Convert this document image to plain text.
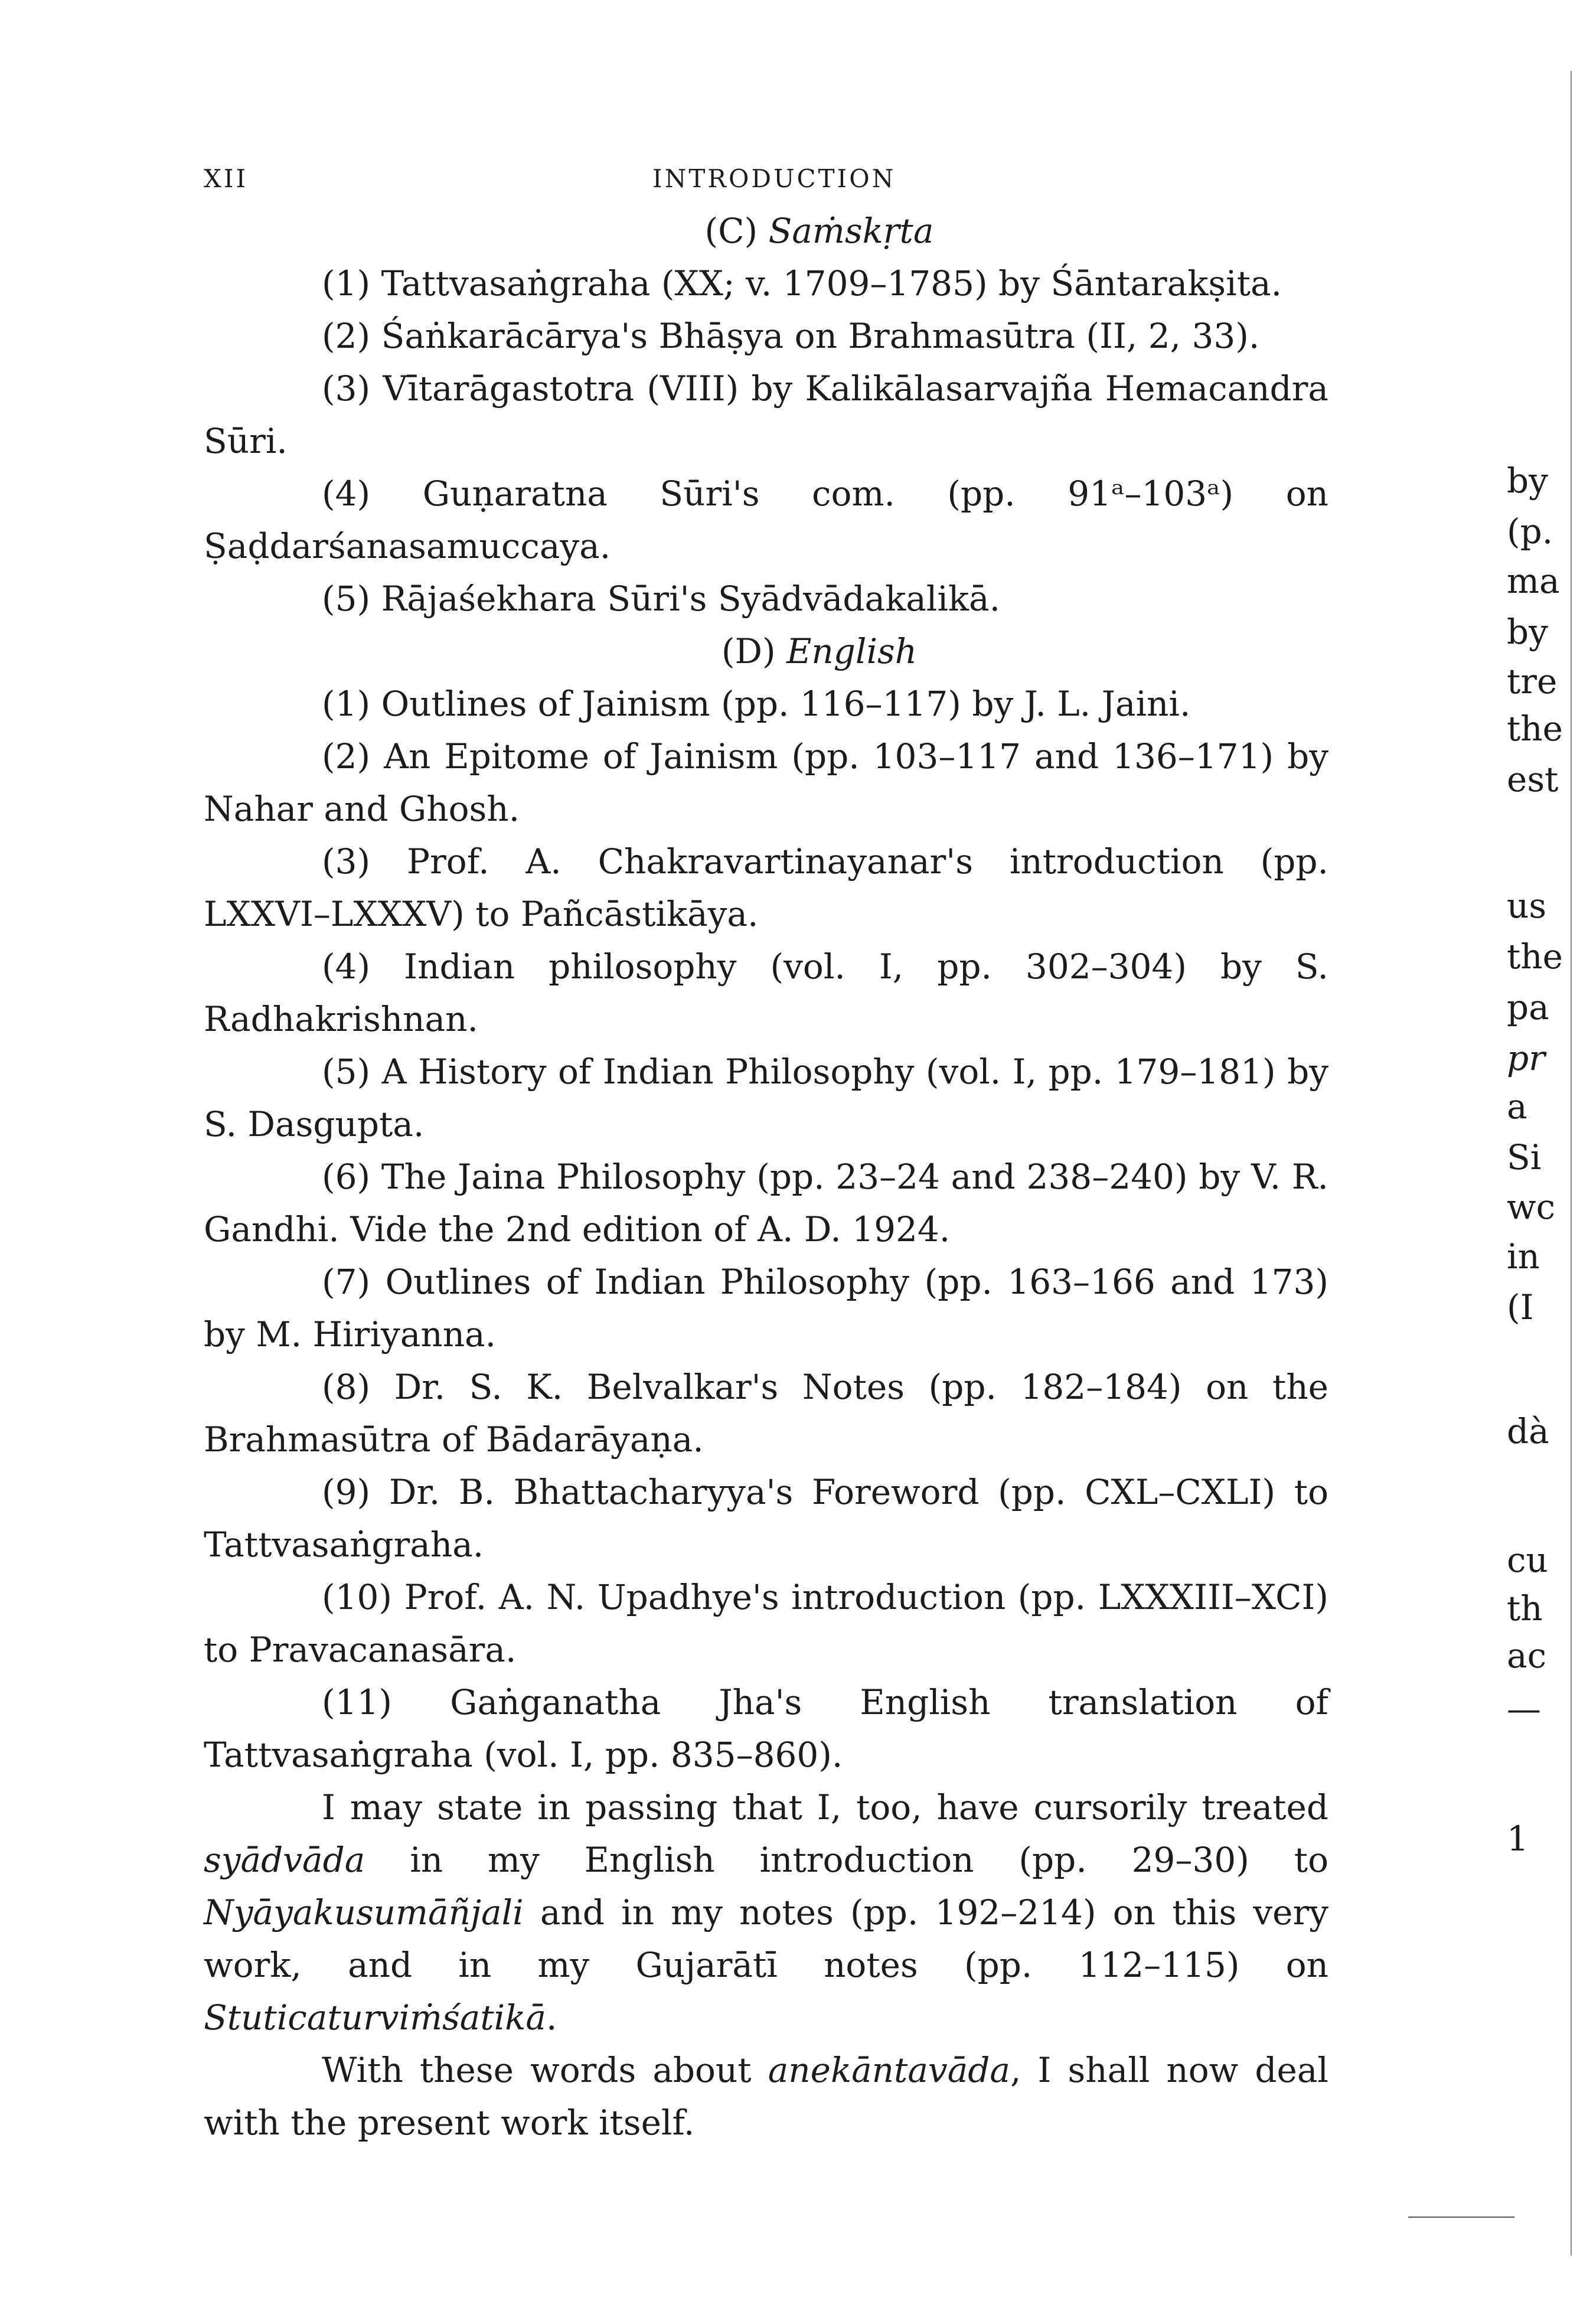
XII	INTRODUCTION

(C) Saṁskṛta

(1) Tattvasaṅgraha (XX; v. 1709–1785) by Śāntarakṣita.

(2) Śaṅkarācārya's Bhāṣya on Brahmasūtra (II, 2, 33).

(3) Vītarāgastotra (VIII) by Kalikālasarvajña Hemacandra Sūri.

(4) Guṇaratna Sūri's com. (pp. 91ᵃ–103ᵃ) on Ṣaḍdarśanasamuccaya.

(5) Rājaśekhara Sūri's Syādvādakalikā.

(D) English

(1) Outlines of Jainism (pp. 116–117) by J. L. Jaini.

(2) An Epitome of Jainism (pp. 103–117 and 136–171) by Nahar and Ghosh.

(3) Prof. A. Chakravartinayanar's introduction (pp. LXXVI–LXXXV) to Pañcāstikāya.

(4) Indian philosophy (vol. I, pp. 302–304) by S. Radhakrishnan.

(5) A History of Indian Philosophy (vol. I, pp. 179–181) by S. Dasgupta.

(6) The Jaina Philosophy (pp. 23–24 and 238–240) by V. R. Gandhi. Vide the 2nd edition of A. D. 1924.

(7) Outlines of Indian Philosophy (pp. 163–166 and 173) by M. Hiriyanna.

(8) Dr. S. K. Belvalkar's Notes (pp. 182–184) on the Brahmasūtra of Bādarāyaṇa.

(9) Dr. B. Bhattacharyya's Foreword (pp. CXL–CXLI) to Tattvasaṅgraha.

(10) Prof. A. N. Upadhye's introduction (pp. LXXXIII–XCI) to Pravacanasāra.

(11) Gaṅganatha Jha's English translation of Tattvasaṅgraha (vol. I, pp. 835–860).

I may state in passing that I, too, have cursorily treated syādvāda in my English introduction (pp. 29–30) to Nyāyakusumāñjali and in my notes (pp. 192–214) on this very work, and in my Gujarātī notes (pp. 112–115) on Stuticaturviṁśatikā.

With these words about anekāntavāda, I shall now deal with the present work itself.

by
(p.
ma
by
tre
the
est
us
the
pa
pr
a
Si
wc
in
(I
dà
cu
th
ac
—
1
